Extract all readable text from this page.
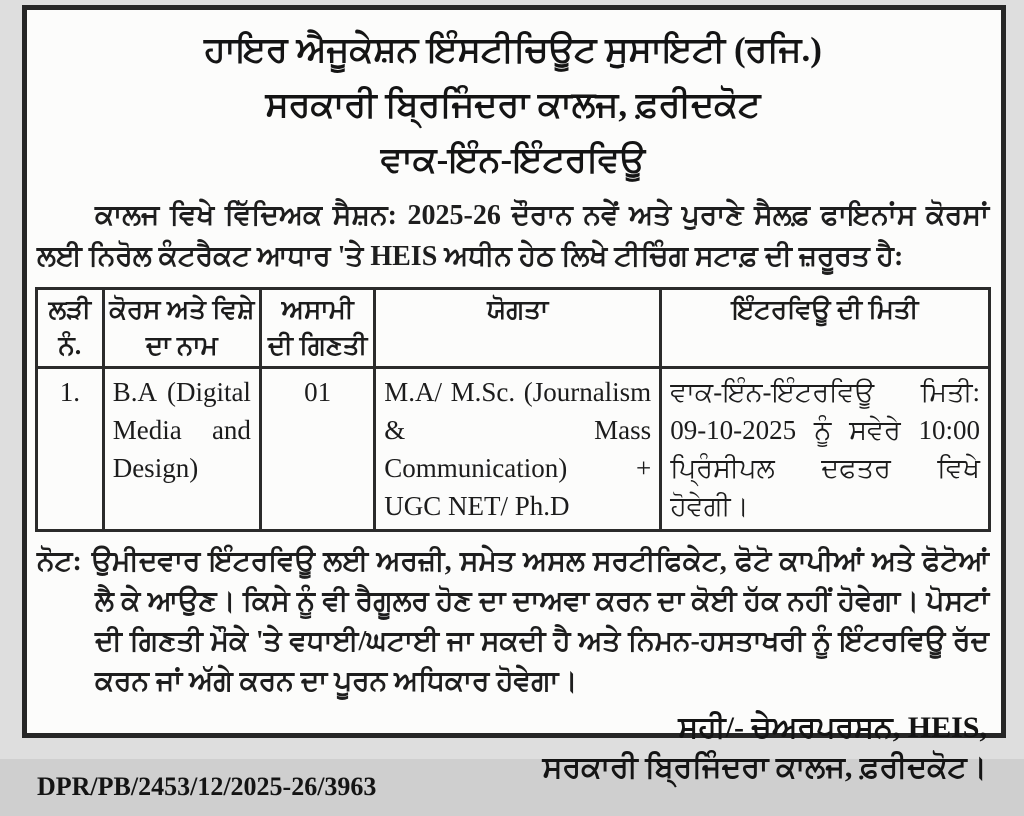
ਹਾਇਰ ਐਜੂਕੇਸ਼ਨ ਇੰਸਟੀਚਿਊਟ ਸੁਸਾਇਟੀ (ਰਜਿ.)
ਸਰਕਾਰੀ ਬ੍ਰਿਜਿੰਦਰਾ ਕਾਲਜ, ਫ਼ਰੀਦਕੋਟ
ਵਾਕ-ਇੰਨ-ਇੰਟਰਵਿਊ

ਕਾਲਜ ਵਿਖੇ ਵਿੱਦਿਅਕ ਸੈਸ਼ਨ: 2025-26 ਦੌਰਾਨ ਨਵੇਂ ਅਤੇ ਪੁਰਾਣੇ ਸੈਲਫ਼ ਫਾਇਨਾਂਸ ਕੋਰਸਾਂ ਲਈ ਨਿਰੋਲ ਕੰਟਰੈਕਟ ਆਧਾਰ 'ਤੇ HEIS ਅਧੀਨ ਹੇਠ ਲਿਖੇ ਟੀਚਿੰਗ ਸਟਾਫ਼ ਦੀ ਜ਼ਰੂਰਤ ਹੈ:

ਲੜੀ ਨੰ.	ਕੋਰਸ ਅਤੇ ਵਿਸ਼ੇ ਦਾ ਨਾਮ	ਅਸਾਮੀ ਦੀ ਗਿਣਤੀ	ਯੋਗਤਾ	ਇੰਟਰਵਿਊ ਦੀ ਮਿਤੀ
1.	B.A (Digital Media and Design)	01	M.A/ M.Sc. (Journalism & Mass Communication) + UGC NET/ Ph.D	ਵਾਕ-ਇੰਨ-ਇੰਟਰਵਿਊ ਮਿਤੀ: 09-10-2025 ਨੂੰ ਸਵੇਰੇ 10:00 ਪ੍ਰਿੰਸੀਪਲ ਦਫਤਰ ਵਿਖੇ ਹੋਵੇਗੀ।

ਨੋਟ: ਉਮੀਦਵਾਰ ਇੰਟਰਵਿਊ ਲਈ ਅਰਜ਼ੀ, ਸਮੇਤ ਅਸਲ ਸਰਟੀਫਿਕੇਟ, ਫੋਟੋ ਕਾਪੀਆਂ ਅਤੇ ਫੋਟੋਆਂ ਲੈ ਕੇ ਆਉਣ। ਕਿਸੇ ਨੂੰ ਵੀ ਰੈਗੂਲਰ ਹੋਣ ਦਾ ਦਾਅਵਾ ਕਰਨ ਦਾ ਕੋਈ ਹੱਕ ਨਹੀਂ ਹੋਵੇਗਾ। ਪੋਸਟਾਂ ਦੀ ਗਿਣਤੀ ਮੌਕੇ 'ਤੇ ਵਧਾਈ/ਘਟਾਈ ਜਾ ਸਕਦੀ ਹੈ ਅਤੇ ਨਿਮਨ-ਹਸਤਾਖਰੀ ਨੂੰ ਇੰਟਰਵਿਊ ਰੱਦ ਕਰਨ ਜਾਂ ਅੱਗੇ ਕਰਨ ਦਾ ਪੂਰਨ ਅਧਿਕਾਰ ਹੋਵੇਗਾ।

ਸਹੀ/- ਚੇਅਰਪਰਸਨ, HEIS,
ਸਰਕਾਰੀ ਬ੍ਰਿਜਿੰਦਰਾ ਕਾਲਜ, ਫ਼ਰੀਦਕੋਟ।
DPR/PB/2453/12/2025-26/3963
